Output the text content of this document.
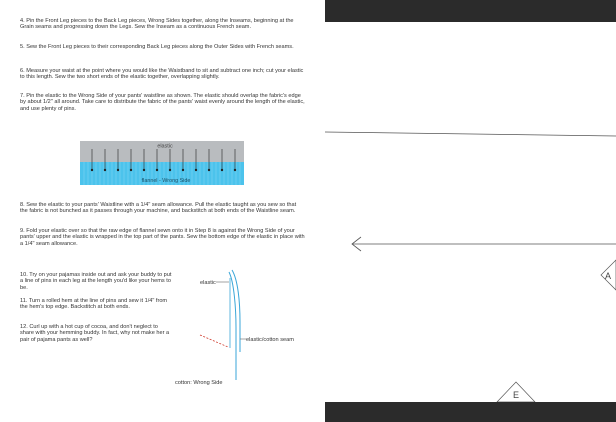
4. Pin the Front Leg pieces to the Back Leg pieces, Wrong Sides together, along the Inseams, beginning at the Grain seams and progressing down the Legs. Sew the Inseam as a continuous French seam.

5. Sew the Front Leg pieces to their corresponding Back Leg pieces along the Outer Sides with French seams.

6. Measure your waist at the point where you would like the Waistband to sit and subtract one inch; cut your elastic to this length. Sew the two short ends of the elastic together, overlapping slightly.

7. Pin the elastic to the Wrong Side of your pants' waistline as shown. The elastic should overlap the fabric's edge by about 1/2" all around. Take care to distribute the fabric of the pants' waist evenly around the length of the elastic, and use plenty of pins.

elastic
flannel - Wrong Side

8. Sew the elastic to your pants' Waistline with a 1/4" seam allowance. Pull the elastic taught as you sew so that the fabric is not bunched as it passes through your machine, and backstitch at both ends of the Waistline seam.

9. Fold your elastic over so that the raw edge of flannel sewn onto it in Step 8 is against the Wrong Side of your pants' upper and the elastic is wrapped in the top part of the pants. Sew the bottom edge of the elastic in place with a 1/4" seam allowance.

10. Try on your pajamas inside out and ask your buddy to put a line of pins in each leg at the length you'd like your hems to be.

11. Turn a rolled hem at the line of pins and sew it 1/4" from the hem's top edge. Backstitch at both ends.

12. Curl up with a hot cup of cocoa, and don't neglect to share with your hemming buddy. In fact, why not make her a pair of pajama pants as well?

elastic
elastic/cotton seam
cotton: Wrong Side
A
E
